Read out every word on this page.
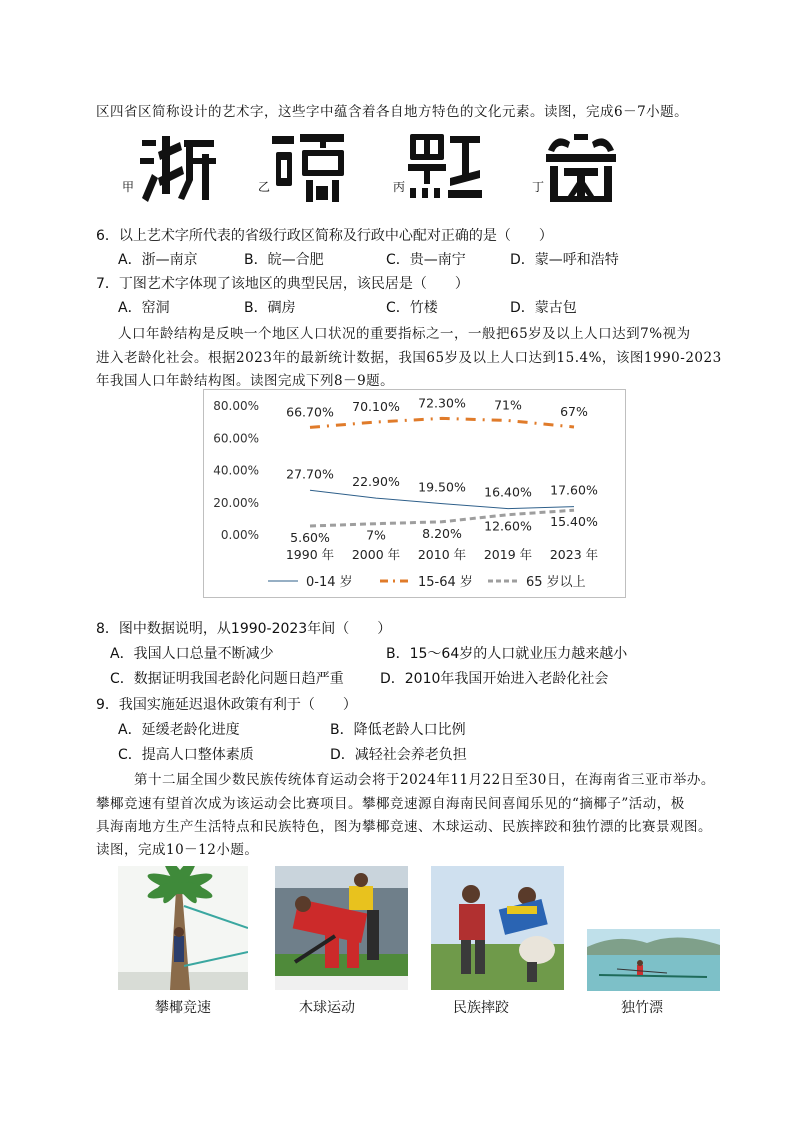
区四省区简称设计的艺术字，这些字中蕴含着各自地方特色的文化元素。读图，完成6－7小题。
甲	乙	丙	丁
6．以上艺术字所代表的省级行政区简称及行政中心配对正确的是（　　）
A．浙—南京	B．皖—合肥	C．贵—南宁	D．蒙—呼和浩特
7．丁图艺术字体现了该地区的典型民居，该民居是（　　）
A．窑洞	B．碉房	C．竹楼	D．蒙古包
人口年龄结构是反映一个地区人口状况的重要指标之一，一般把65岁及以上人口达到7%视为
进入老龄化社会。根据2023年的最新统计数据，我国65岁及以上人口达到15.4%，该图1990-2023
年我国人口年龄结构图。读图完成下列8－9题。
0.00%
20.00%
40.00%
60.00%
80.00%
1990 年 2000 年 2010 年 2019 年 2023 年
27.70%
22.90% 19.50% 16.40% 17.60%
66.70% 70.10% 72.30% 71%	67%
5.60%	7%	8.20% 12.60% 15.40%
0-14 岁	15-64 岁	65 岁以上
8．图中数据说明，从1990-2023年间（　　）
A．我国人口总量不断减少	B．15～64岁的人口就业压力越来越小
C．数据证明我国老龄化问题日趋严重	D．2010年我国开始进入老龄化社会
9．我国实施延迟退休政策有利于（　　）
A．延缓老龄化进度	B．降低老龄人口比例
C．提高人口整体素质	D．减轻社会养老负担
第十二届全国少数民族传统体育运动会将于2024年11月22日至30日，在海南省三亚市举办。
攀椰竞速有望首次成为该运动会比赛项目。攀椰竞速源自海南民间喜闻乐见的“摘椰子”活动，极
具海南地方生产生活特点和民族特色，图为攀椰竞速、木球运动、民族摔跤和独竹漂的比赛景观图。
读图，完成10－12小题。
攀椰竞速	木球运动	民族摔跤	独竹漂
